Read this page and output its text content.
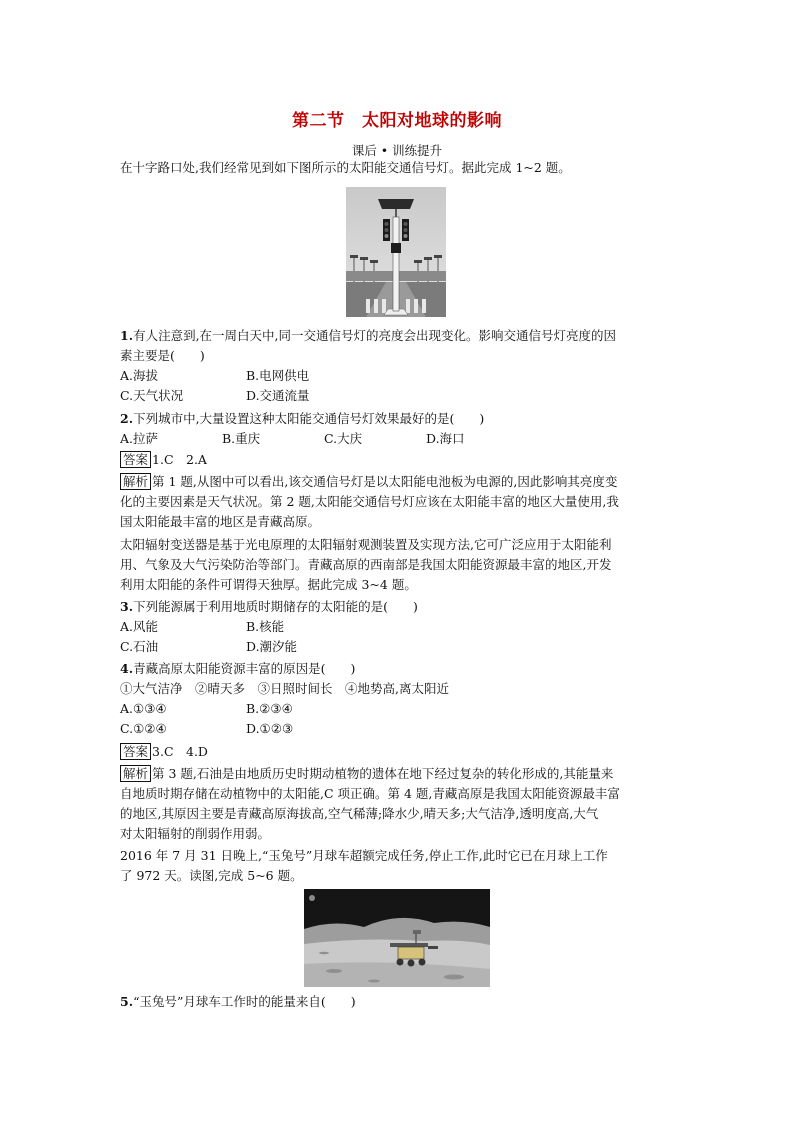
第二节　太阳对地球的影响
课后 • 训练提升

在十字路口处,我们经常见到如下图所示的太阳能交通信号灯。据此完成 1~2 题。

1.有人注意到,在一周白天中,同一交通信号灯的亮度会出现变化。影响交通信号灯亮度的因

素主要是(　　)

A.海拔	B.电网供电
C.天气状况	D.交通流量

2.下列城市中,大量设置这种太阳能交通信号灯效果最好的是(　　)

A.拉萨	B.重庆	C.大庆	D.海口

答案 1.C　2.A

解析 第 1 题,从图中可以看出,该交通信号灯是以太阳能电池板为电源的,因此影响其亮度变

化的主要因素是天气状况。第 2 题,太阳能交通信号灯应该在太阳能丰富的地区大量使用,我

国太阳能最丰富的地区是青藏高原。

太阳辐射变送器是基于光电原理的太阳辐射观测装置及实现方法,它可广泛应用于太阳能利

用、气象及大气污染防治等部门。青藏高原的西南部是我国太阳能资源最丰富的地区,开发

利用太阳能的条件可谓得天独厚。据此完成 3~4 题。

3.下列能源属于利用地质时期储存的太阳能的是(　　)

A.风能	B.核能
C.石油	D.潮汐能

4.青藏高原太阳能资源丰富的原因是(　　)

①大气洁净　②晴天多　③日照时间长　④地势高,离太阳近

A.①③④	B.②③④
C.①②④	D.①②③

答案 3.C　4.D

解析 第 3 题,石油是由地质历史时期动植物的遗体在地下经过复杂的转化形成的,其能量来

自地质时期存储在动植物中的太阳能,C 项正确。第 4 题,青藏高原是我国太阳能资源最丰富

的地区,其原因主要是青藏高原海拔高,空气稀薄;降水少,晴天多;大气洁净,透明度高,大气

对太阳辐射的削弱作用弱。

2016 年 7 月 31 日晚上,“玉兔号”月球车超额完成任务,停止工作,此时它已在月球上工作

了 972 天。读图,完成 5~6 题。

5.“玉兔号”月球车工作时的能量来自(　　)
